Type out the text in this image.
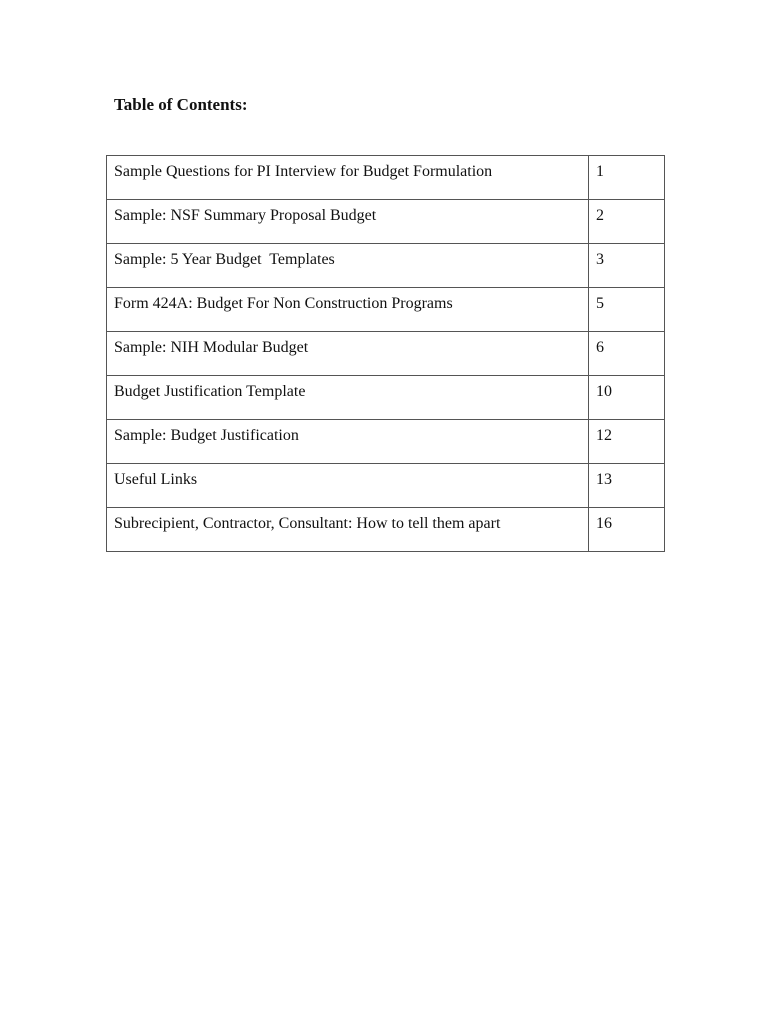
Table of Contents:
Sample Questions for PI Interview for Budget Formulation	1

Sample: NSF Summary Proposal Budget	2

Sample: 5 Year Budget  Templates	3

Form 424A: Budget For Non Construction Programs	5

Sample: NIH Modular Budget	6

Budget Justification Template	10

Sample: Budget Justification	12

Useful Links	13

Subrecipient, Contractor, Consultant: How to tell them apart	16
